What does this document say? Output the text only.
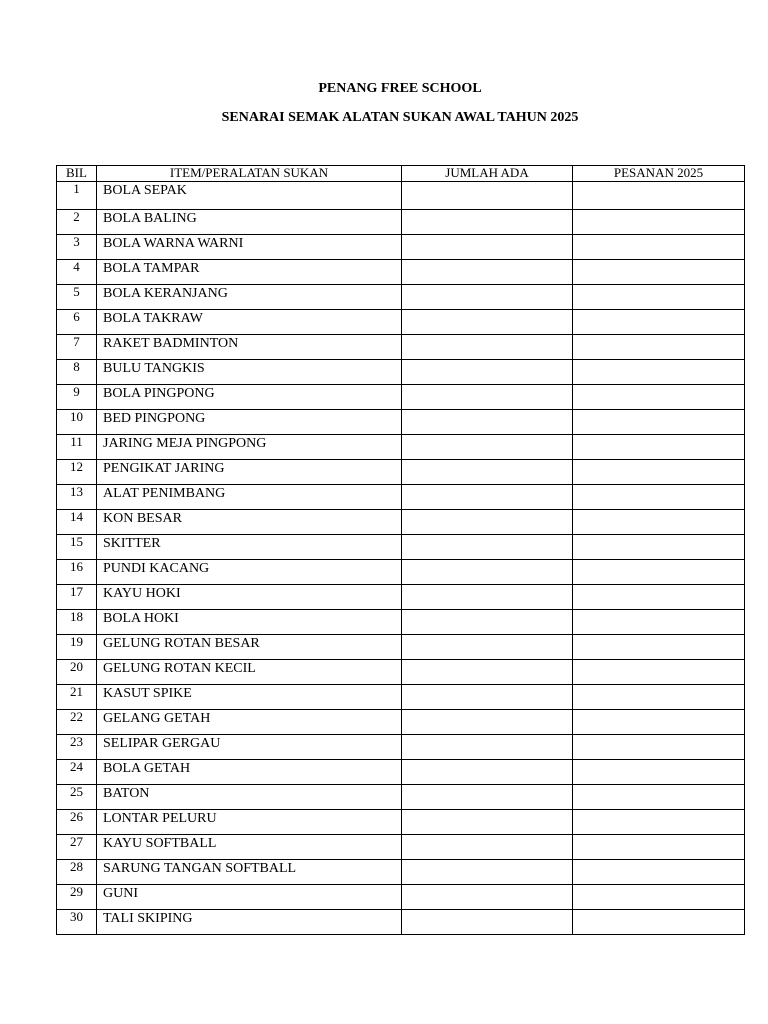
PENANG FREE SCHOOL
SENARAI SEMAK ALATAN SUKAN AWAL TAHUN 2025
BIL	ITEM/PERALATAN SUKAN	JUMLAH ADA	PESANAN 2025
1	BOLA SEPAK		
2	BOLA BALING		
3	BOLA WARNA WARNI		
4	BOLA TAMPAR		
5	BOLA KERANJANG		
6	BOLA TAKRAW		
7	RAKET BADMINTON		
8	BULU TANGKIS		
9	BOLA PINGPONG		
10	BED PINGPONG		
11	JARING MEJA PINGPONG		
12	PENGIKAT JARING		
13	ALAT PENIMBANG		
14	KON BESAR		
15	SKITTER		
16	PUNDI KACANG		
17	KAYU HOKI		
18	BOLA HOKI		
19	GELUNG ROTAN BESAR		
20	GELUNG ROTAN KECIL		
21	KASUT SPIKE		
22	GELANG GETAH		
23	SELIPAR GERGAU		
24	BOLA GETAH		
25	BATON		
26	LONTAR PELURU		
27	KAYU SOFTBALL		
28	SARUNG TANGAN SOFTBALL		
29	GUNI		
30	TALI SKIPING		
